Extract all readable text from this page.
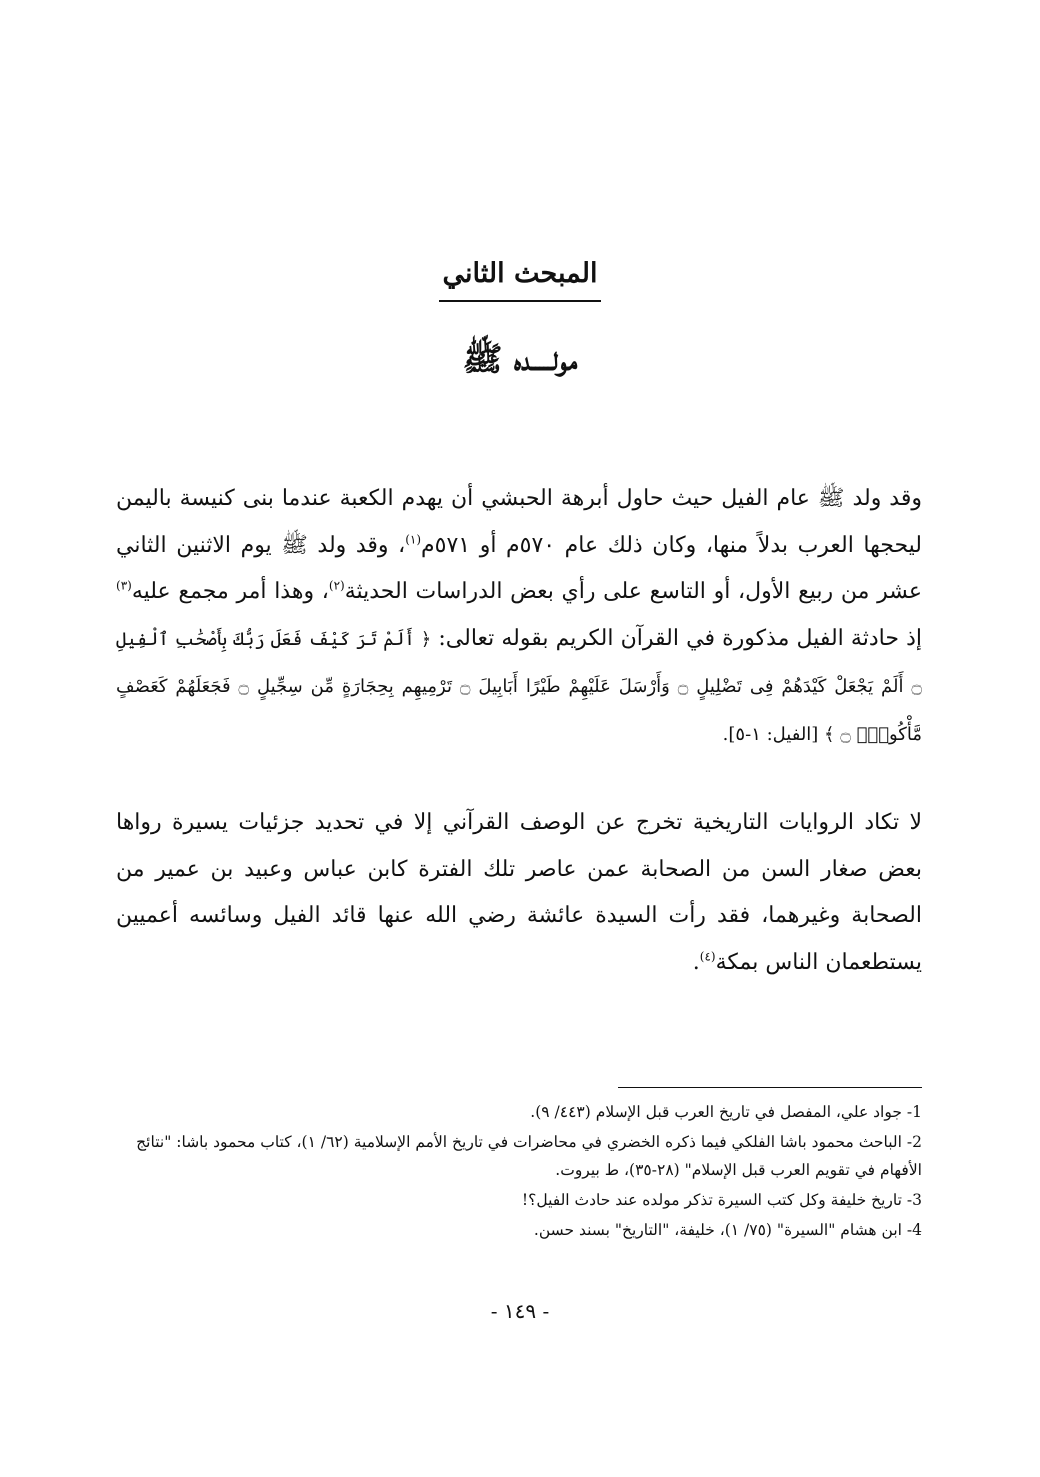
المبحث الثاني
مولـــــده ﷺ

وقد ولد ﷺ عام الفيل حيث حاول أبرهة الحبشي أن يهدم الكعبة عندما بنى كنيسة باليمن ليحجها العرب بدلاً منها، وكان ذلك عام ٥٧٠م أو ٥٧١م$^{(١)}$، وقد ولد ﷺ يوم الاثنين الثاني عشر من ربيع الأول، أو التاسع على رأي بعض الدراسات الحديثة$^{(٢)}$، وهذا أمر مجمع عليه$^{(٣)}$ إذ حادثة الفيل مذكورة في القرآن الكريم بقوله تعالى: ﴿ أَلَمْ تَرَ كَيْفَ فَعَلَ رَبُّكَ بِأَصْحَٰبِ ٱلْفِيلِ ۝ أَلَمْ يَجْعَلْ كَيْدَهُمْ فِى تَضْلِيلٍ ۝ وَأَرْسَلَ عَلَيْهِمْ طَيْرًا أَبَابِيلَ ۝ تَرْمِيهِم بِحِجَارَةٍ مِّن سِجِّيلٍ ۝ فَجَعَلَهُمْ كَعَصْفٍ مَّأْكُولٍۭ ۝ ﴾ [الفيل: ١-٥].

لا تكاد الروايات التاريخية تخرج عن الوصف القرآني إلا في تحديد جزئيات يسيرة رواها بعض صغار السن من الصحابة عمن عاصر تلك الفترة كابن عباس وعبيد بن عمير من الصحابة وغيرهما، فقد رأت السيدة عائشة رضي الله عنها قائد الفيل وسائسه أعميين يستطعمان الناس بمكة$^{(٤)}$.

1- جواد علي، المفصل في تاريخ العرب قبل الإسلام (٤٤٣/ ٩).
2- الباحث محمود باشا الفلكي فيما ذكره الخضري في محاضرات في تاريخ الأمم الإسلامية (٦٢/ ١)، كتاب محمود باشا: "نتائج الأفهام في تقويم العرب قبل الإسلام" (٢٨-٣٥)، ط بيروت.
3- تاريخ خليفة وكل كتب السيرة تذكر مولده عند حادث الفيل؟!
4- ابن هشام "السيرة" (٧٥/ ١)، خليفة، "التاريخ" بسند حسن.
- ١٤٩ -
